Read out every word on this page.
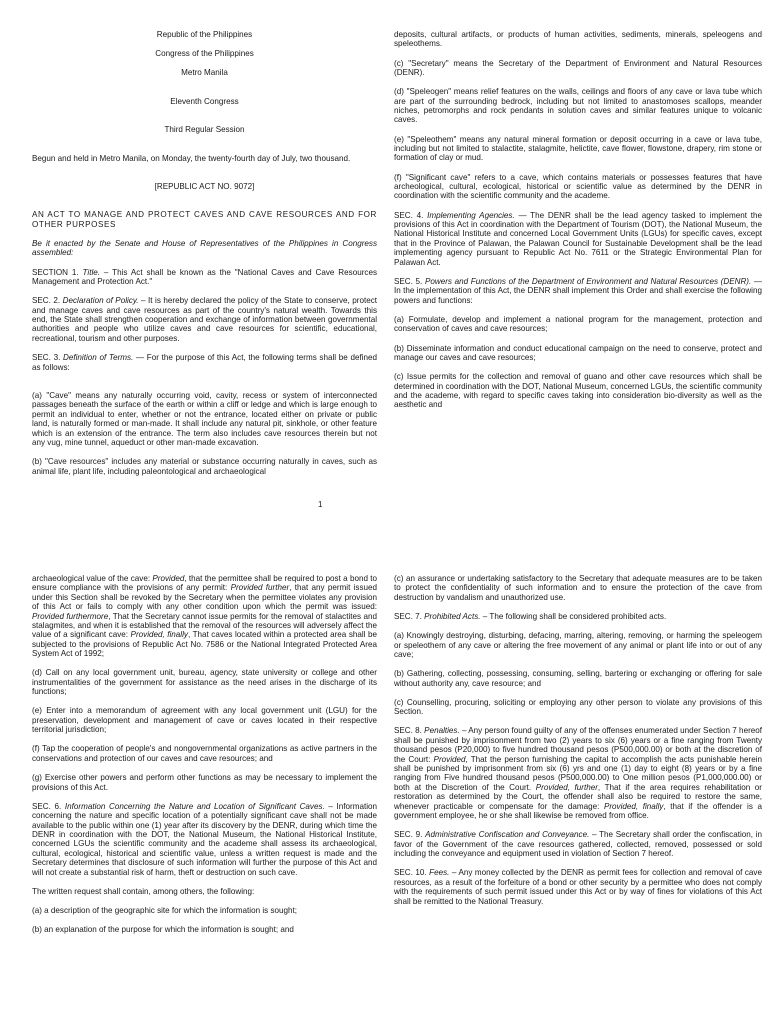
Republic of the Philippines

Congress of the Philippines

Metro Manila

Eleventh Congress

Third Regular Session

Begun and held in Metro Manila, on Monday, the twenty-fourth day of July, two thousand.

[REPUBLIC ACT NO. 9072]

AN ACT TO MANAGE AND PROTECT CAVES AND CAVE RESOURCES AND FOR OTHER PURPOSES

Be it enacted by the Senate and House of Representatives of the Philippines in Congress assembled:

SECTION 1. Title. – This Act shall be known as the "National Caves and Cave Resources Management and Protection Act."

SEC. 2. Declaration of Policy. – It is hereby declared the policy of the State to conserve, protect and manage caves and cave resources as part of the country's natural wealth. Towards this end, the State shall strengthen cooperation and exchange of information between governmental authorities and people who utilize caves and cave resources for scientific, educational, recreational, tourism and other purposes.

SEC. 3. Definition of Terms. — For the purpose of this Act, the following terms shall be defined as follows:

(a) "Cave" means any naturally occurring void, cavity, recess or system of interconnected passages beneath the surface of the earth or within a cliff or ledge and which is large enough to permit an individual to enter, whether or not the entrance, located either on private or public land, is naturally formed or man-made. It shall include any natural pit, sinkhole, or other feature which is an extension of the entrance. The term also includes cave resources therein but not any vug, mine tunnel, aqueduct or other man-made excavation.

(b) "Cave resources" includes any material or substance occurring naturally in caves, such as animal life, plant life, including paleontological and archaeological

deposits, cultural artifacts, or products of human activities, sediments, minerals, speleogens and speleothems.

(c) "Secretary" means the Secretary of the Department of Environment and Natural Resources (DENR).

(d) "Speleogen" means relief features on the walls, ceilings and floors of any cave or lava tube which are part of the surrounding bedrock, including but not limited to anastomoses scallops, meander niches, petromorphs and rock pendants in solution caves and similar features unique to volcanic caves.

(e) "Speleothem" means any natural mineral formation or deposit occurring in a cave or lava tube, including but not limited to stalactite, stalagmite, helictite, cave flower, flowstone, drapery, rim stone or formation of clay or mud.

(f) "Significant cave" refers to a cave, which contains materials or possesses features that have archeological, cultural, ecological, historical or scientific value as determined by the DENR in coordination with the scientific community and the academe.

SEC. 4. Implementing Agencies. — The DENR shall be the lead agency tasked to implement the provisions of this Act in coordination with the Department of Tourism (DOT), the National Museum, the National Historical Institute and concerned Local Government Units (LGUs) for specific caves, except that in the Province of Palawan, the Palawan Council for Sustainable Development shall be the lead implementing agency pursuant to Republic Act No. 7611 or the Strategic Environmental Plan for Palawan Act.

SEC. 5. Powers and Functions of the Department of Environment and Natural Resources (DENR). — In the implementation of this Act, the DENR shall implement this Order and shall exercise the following powers and functions:

(a) Formulate, develop and implement a national program for the management, protection and conservation of caves and cave resources;

(b) Disseminate information and conduct educational campaign on the need to conserve, protect and manage our caves and cave resources;

(c) Issue permits for the collection and removal of guano and other cave resources which shall be determined in coordination with the DOT, National Museum, concerned LGUs, the scientific community and the academe, with regard to specific caves taking into consideration bio-diversity as well as the aesthetic and

1

archaeological value of the cave: Provided, that the permittee shall be required to post a bond to ensure compliance with the provisions of any permit: Provided further, that any permit issued under this Section shall be revoked by the Secretary when the permittee violates any provision of this Act or fails to comply with any other condition upon which the permit was issued: Provided furthermore, That the Secretary cannot issue permits for the removal of stalactites and stalagmites, and when it is established that the removal of the resources will adversely affect the value of a significant cave: Provided, finally, That caves located within a protected area shall be subjected to the provisions of Republic Act No. 7586 or the National Integrated Protected Area System Act of 1992;

(d) Call on any local government unit, bureau, agency, state university or college and other instrumentalities of the government for assistance as the need arises in the discharge of its functions;

(e) Enter into a memorandum of agreement with any local government unit (LGU) for the preservation, development and management of cave or caves located in their respective territorial jurisdiction;

(f) Tap the cooperation of people's and nongovernmental organizations as active partners in the conservations and protection of our caves and cave resources; and

(g) Exercise other powers and perform other functions as may be necessary to implement the provisions of this Act.

SEC. 6. Information Concerning the Nature and Location of Significant Caves. – Information concerning the nature and specific location of a potentially significant cave shall not be made available to the public within one (1) year after its discovery by the DENR, during which time the DENR in coordination with the DOT, the National Museum, the National Historical Institute, concerned LGUs the scientific community and the academe shall assess its archaeological, cultural, ecological, historical and scientific value, unless a written request is made and the Secretary determines that disclosure of such information will further the purpose of this Act and will not create a substantial risk of harm, theft or destruction on such cave.

The written request shall contain, among others, the following:

(a) a description of the geographic site for which the information is sought;

(b) an explanation of the purpose for which the information is sought; and

(c) an assurance or undertaking satisfactory to the Secretary that adequate measures are to be taken to protect the confidentiality of such information and to ensure the protection of the cave from destruction by vandalism and unauthorized use.

SEC. 7. Prohibited Acts. – The following shall be considered prohibited acts.

(a) Knowingly destroying, disturbing, defacing, marring, altering, removing, or harming the speleogem or speleothem of any cave or altering the free movement of any animal or plant life into or out of any cave;

(b) Gathering, collecting, possessing, consuming, selling, bartering or exchanging or offering for sale without authority any, cave resource; and

(c) Counselling, procuring, soliciting or employing any other person to violate any provisions of this Section.

SEC. 8. Penalties. – Any person found guilty of any of the offenses enumerated under Section 7 hereof shall be punished by imprisonment from two (2) years to six (6) years or a fine ranging from Twenty thousand pesos (P20,000) to five hundred thousand pesos (P500,000.00) or both at the discretion of the Court: Provided, That the person furnishing the capital to accomplish the acts punishable herein shall be punished by imprisonment from six (6) yrs and one (1) day to eight (8) years or by a fine ranging from Five hundred thousand pesos (P500,000.00) to One million pesos (P1,000,000.00) or both at the Discretion of the Court. Provided, further, That if the area requires rehabilitation or restoration as determined by the Court, the offender shall also be required to restore the same, whenever practicable or compensate for the damage: Provided, finally, that if the offender is a government employee, he or she shall likewise be removed from office.

SEC. 9. Administrative Confiscation and Conveyance. – The Secretary shall order the confiscation, in favor of the Government of the cave resources gathered, collected, removed, possessed or sold including the conveyance and equipment used in violation of Section 7 hereof.

SEC. 10. Fees. – Any money collected by the DENR as permit fees for collection and removal of cave resources, as a result of the forfeiture of a bond or other security by a permittee who does not comply with the requirements of such permit issued under this Act or by way of fines for violations of this Act shall be remitted to the National Treasury.
